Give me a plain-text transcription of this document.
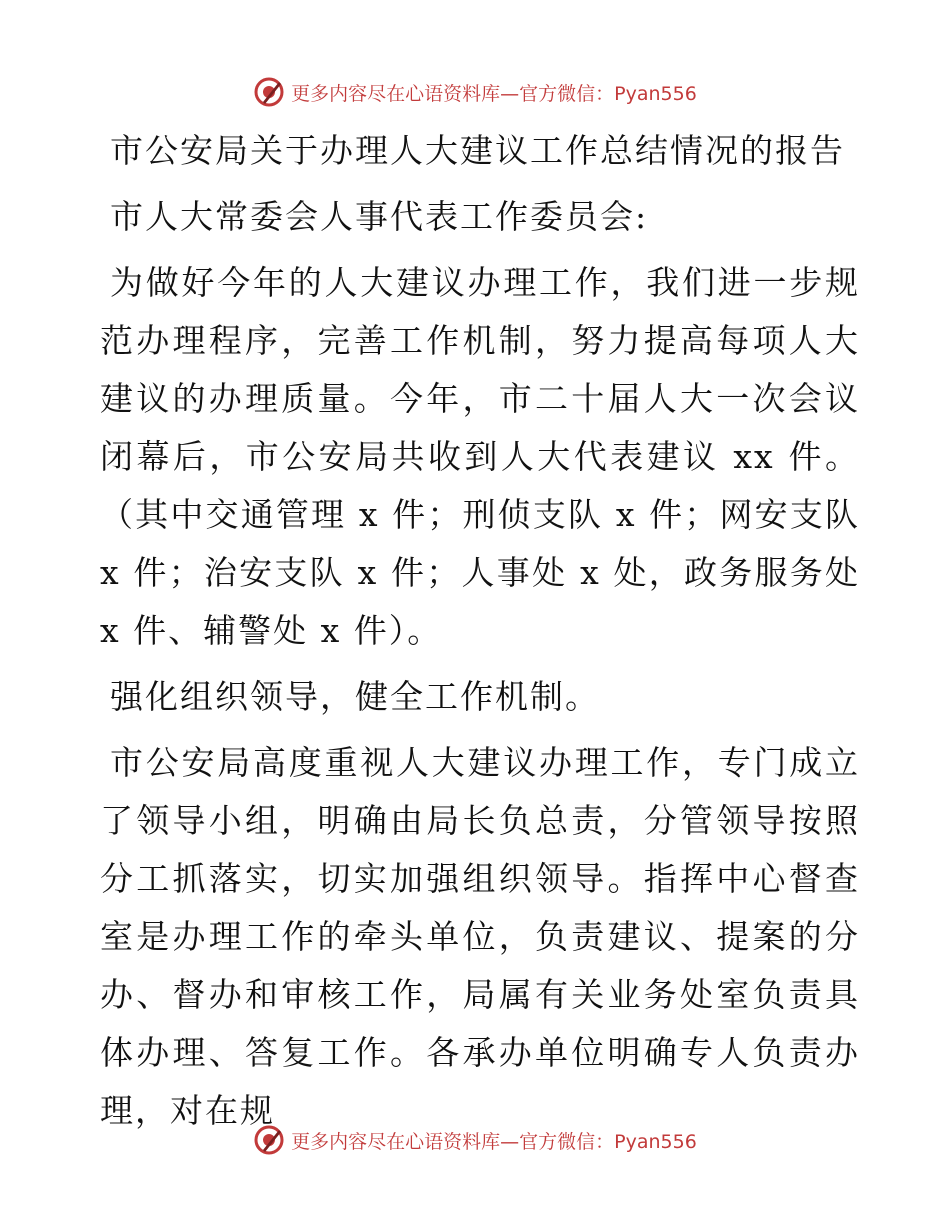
更多内容尽在心语资料库—官方微信：Pyan556
市公安局关于办理人大建议工作总结情况的报告

市人大常委会人事代表工作委员会:

为做好今年的人大建议办理工作，我们进一步规范办理程序，完善工作机制，努力提高每项人大建议的办理质量。今年，市二十届人大一次会议闭幕后，市公安局共收到人大代表建议 xx 件。（其中交通管理 x 件；刑侦支队 x 件；网安支队 x 件；治安支队 x 件；人事处 x 处，政务服务处 x 件、辅警处 x 件）。

强化组织领导，健全工作机制。

市公安局高度重视人大建议办理工作，专门成立了领导小组，明确由局长负总责，分管领导按照分工抓落实，切实加强组织领导。指挥中心督查室是办理工作的牵头单位，负责建议、提案的分办、督办和审核工作，局属有关业务处室负责具体办理、答复工作。各承办单位明确专人负责办理，对在规

更多内容尽在心语资料库—官方微信：Pyan556
